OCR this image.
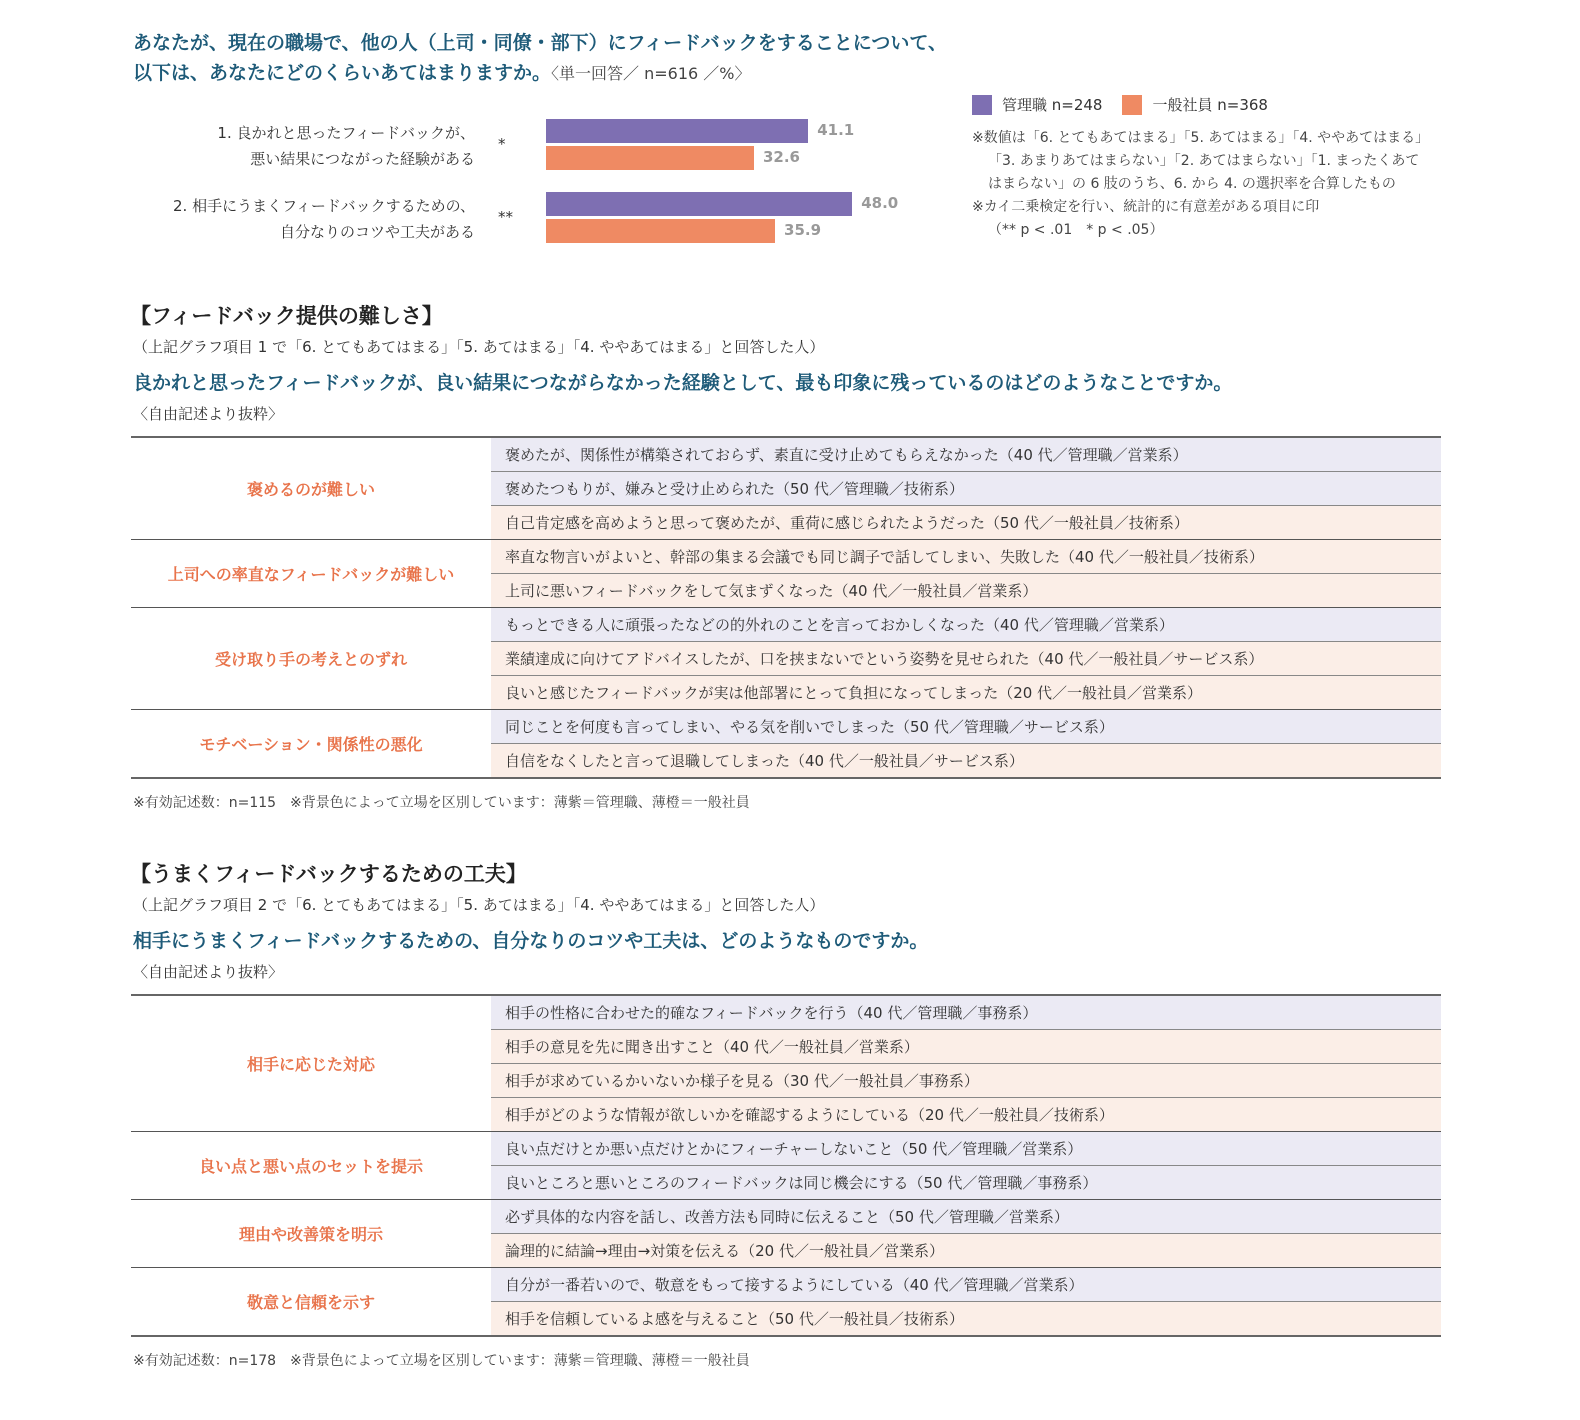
あなたが、現在の職場で、他の人（上司・同僚・部下）にフィードバックをすることについて、
以下は、あなたにどのくらいあてはまりますか。〈単一回答／ n=616 ／%〉
管理職 n=248	一般社員 n=368
1. 良かれと思ったフィードバックが、
悪い結果につながった経験がある
*
41.1
32.6
2. 相手にうまくフィードバックするための、
自分なりのコツや工夫がある
**
48.0
35.9

※数値は「6. とてもあてはまる」「5. あてはまる」「4. ややあてはまる」

「3. あまりあてはまらない」「2. あてはまらない」「1. まったくあて

はまらない」の 6 肢のうち、6. から 4. の選択率を合算したもの

※カイ二乗検定を行い、統計的に有意差がある項目に印

（** p < .01　* p < .05）

【フィードバック提供の難しさ】
（上記グラフ項目 1 で「6. とてもあてはまる」「5. あてはまる」「4. ややあてはまる」と回答した人）
良かれと思ったフィードバックが、良い結果につながらなかった経験として、最も印象に残っているのはどのようなことですか。
〈自由記述より抜粋〉
褒めるのが難しい	褒めたが、関係性が構築されておらず、素直に受け止めてもらえなかった（40 代／管理職／営業系）
	褒めたつもりが、嫌みと受け止められた（50 代／管理職／技術系）
	自己肯定感を高めようと思って褒めたが、重荷に感じられたようだった（50 代／一般社員／技術系）
上司への率直なフィードバックが難しい	率直な物言いがよいと、幹部の集まる会議でも同じ調子で話してしまい、失敗した（40 代／一般社員／技術系）
	上司に悪いフィードバックをして気まずくなった（40 代／一般社員／営業系）
受け取り手の考えとのずれ	もっとできる人に頑張ったなどの的外れのことを言っておかしくなった（40 代／管理職／営業系）
	業績達成に向けてアドバイスしたが、口を挟まないでという姿勢を見せられた（40 代／一般社員／サービス系）
	良いと感じたフィードバックが実は他部署にとって負担になってしまった（20 代／一般社員／営業系）
モチベーション・関係性の悪化	同じことを何度も言ってしまい、やる気を削いでしまった（50 代／管理職／サービス系）
	自信をなくしたと言って退職してしまった（40 代／一般社員／サービス系）
※有効記述数：n=115　※背景色によって立場を区別しています：薄紫＝管理職、薄橙＝一般社員
【うまくフィードバックするための工夫】
（上記グラフ項目 2 で「6. とてもあてはまる」「5. あてはまる」「4. ややあてはまる」と回答した人）
相手にうまくフィードバックするための、自分なりのコツや工夫は、どのようなものですか。
〈自由記述より抜粋〉
相手に応じた対応	相手の性格に合わせた的確なフィードバックを行う（40 代／管理職／事務系）
	相手の意見を先に聞き出すこと（40 代／一般社員／営業系）
	相手が求めているかいないか様子を見る（30 代／一般社員／事務系）
	相手がどのような情報が欲しいかを確認するようにしている（20 代／一般社員／技術系）
良い点と悪い点のセットを提示	良い点だけとか悪い点だけとかにフィーチャーしないこと（50 代／管理職／営業系）
	良いところと悪いところのフィードバックは同じ機会にする（50 代／管理職／事務系）
理由や改善策を明示	必ず具体的な内容を話し、改善方法も同時に伝えること（50 代／管理職／営業系）
	論理的に結論→理由→対策を伝える（20 代／一般社員／営業系）
敬意と信頼を示す	自分が一番若いので、敬意をもって接するようにしている（40 代／管理職／営業系）
	相手を信頼しているよ感を与えること（50 代／一般社員／技術系）
※有効記述数：n=178　※背景色によって立場を区別しています：薄紫＝管理職、薄橙＝一般社員
